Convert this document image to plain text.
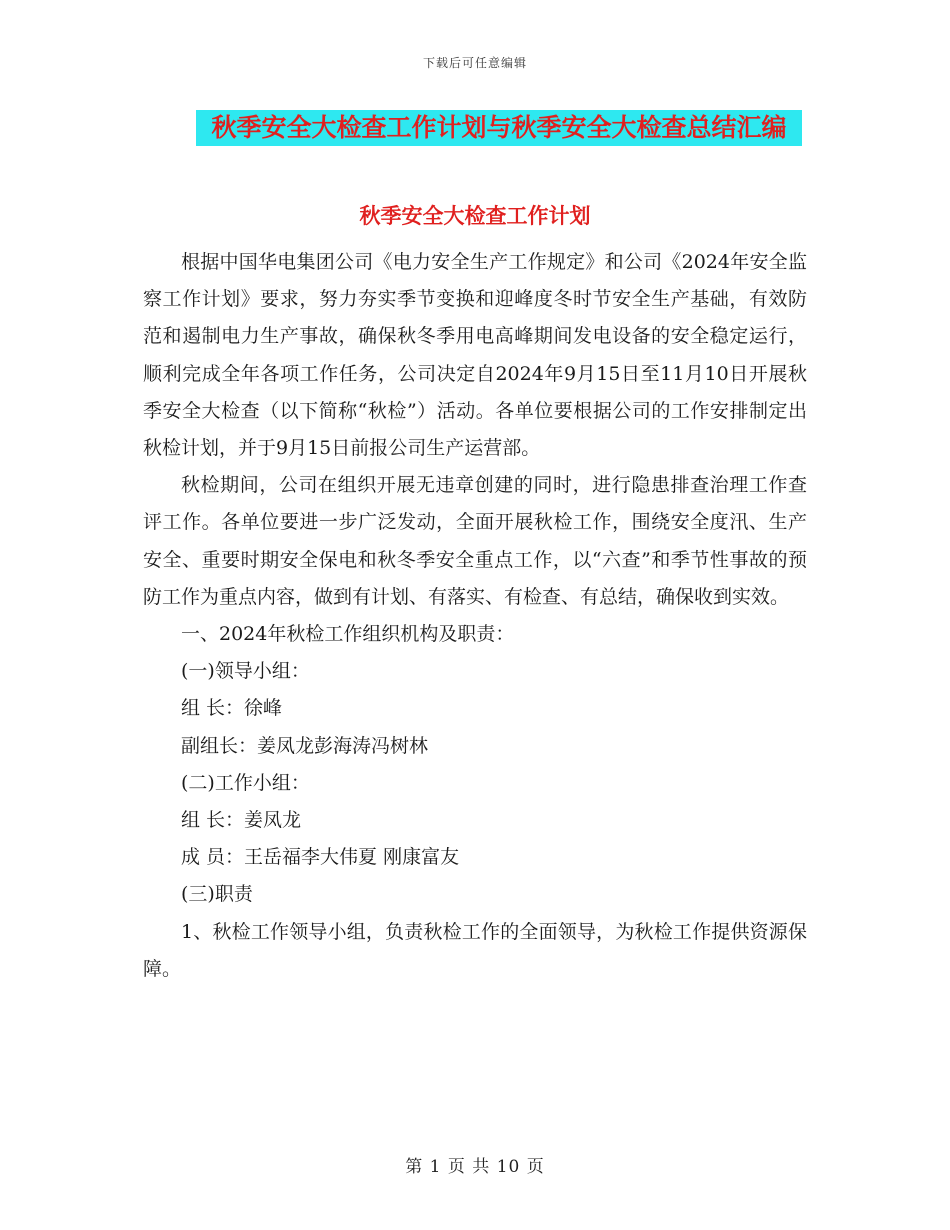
下载后可任意编辑
秋季安全大检查工作计划与秋季安全大检查总结汇编
秋季安全大检查工作计划

根据中国华电集团公司《电力安全生产工作规定》和公司《2024年安全监察工作计划》要求，努力夯实季节变换和迎峰度冬时节安全生产基础，有效防范和遏制电力生产事故，确保秋冬季用电高峰期间发电设备的安全稳定运行，顺利完成全年各项工作任务，公司决定自2024年9月15日至11月10日开展秋季安全大检查（以下简称“秋检”）活动。各单位要根据公司的工作安排制定出秋检计划，并于9月15日前报公司生产运营部。

秋检期间，公司在组织开展无违章创建的同时，进行隐患排查治理工作查评工作。各单位要进一步广泛发动，全面开展秋检工作，围绕安全度汛、生产安全、重要时期安全保电和秋冬季安全重点工作，以“六查”和季节性事故的预防工作为重点内容，做到有计划、有落实、有检查、有总结，确保收到实效。

一、2024年秋检工作组织机构及职责：

(一)领导小组：

组 长：徐峰

副组长：姜凤龙彭海涛冯树林

(二)工作小组：

组 长：姜凤龙

成 员：王岳福李大伟夏 刚康富友

(三)职责

1、秋检工作领导小组，负责秋检工作的全面领导，为秋检工作提供资源保障。

第 1 页 共 10 页
